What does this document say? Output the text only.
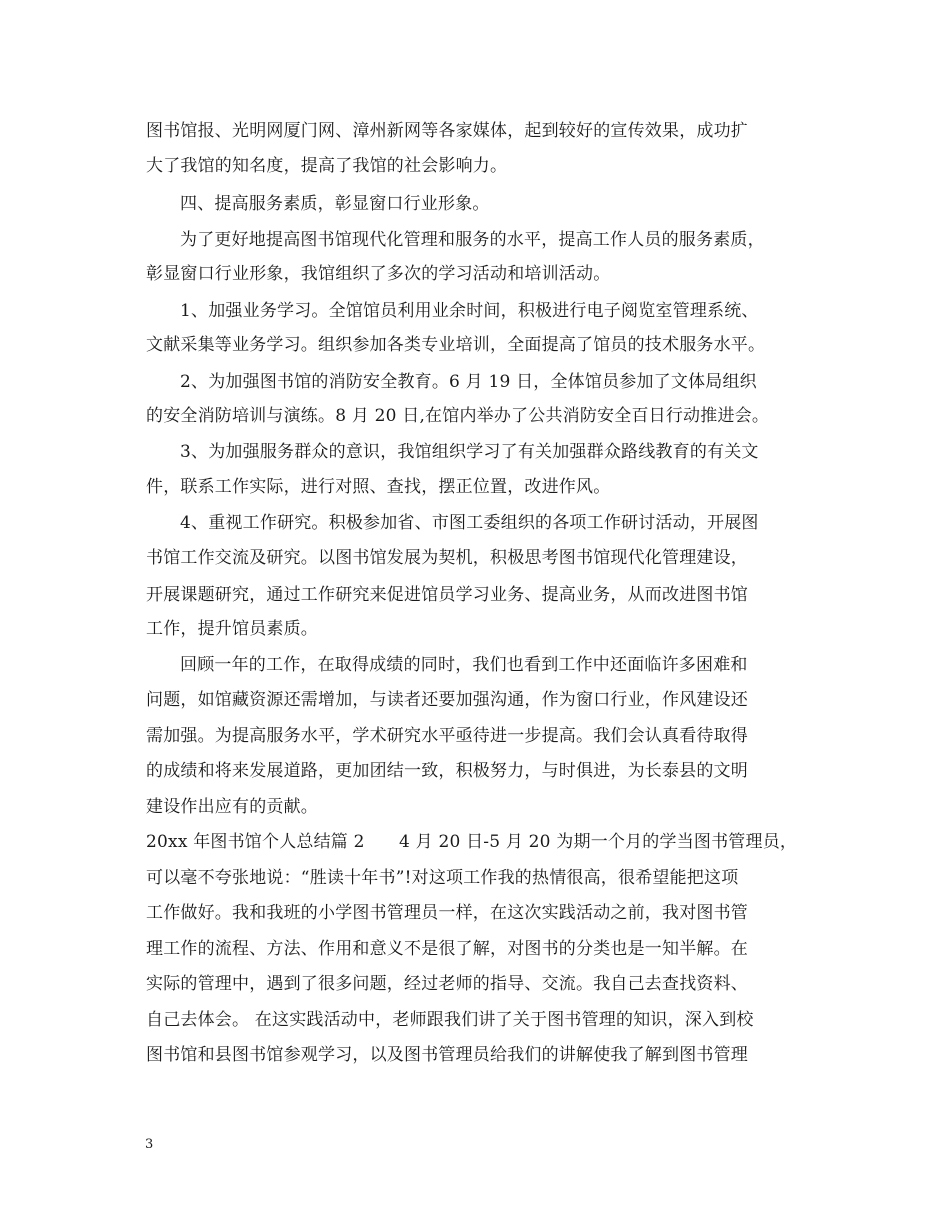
图书馆报、光明网厦门网、漳州新网等各家媒体，起到较好的宣传效果，成功扩
大了我馆的知名度，提高了我馆的社会影响力。
四、提高服务素质，彰显窗口行业形象。
为了更好地提高图书馆现代化管理和服务的水平，提高工作人员的服务素质，
彰显窗口行业形象，我馆组织了多次的学习活动和培训活动。
1、加强业务学习。全馆馆员利用业余时间，积极进行电子阅览室管理系统、
文献采集等业务学习。组织参加各类专业培训，全面提高了馆员的技术服务水平。
2、为加强图书馆的消防安全教育。6 月 19 日，全体馆员参加了文体局组织
的安全消防培训与演练。8 月 20 日,在馆内举办了公共消防安全百日行动推进会。
3、为加强服务群众的意识，我馆组织学习了有关加强群众路线教育的有关文
件，联系工作实际，进行对照、查找，摆正位置，改进作风。
4、重视工作研究。积极参加省、市图工委组织的各项工作研讨活动，开展图
书馆工作交流及研究。以图书馆发展为契机，积极思考图书馆现代化管理建设，
开展课题研究，通过工作研究来促进馆员学习业务、提高业务，从而改进图书馆
工作，提升馆员素质。
回顾一年的工作，在取得成绩的同时，我们也看到工作中还面临许多困难和
问题，如馆藏资源还需增加，与读者还要加强沟通，作为窗口行业，作风建设还
需加强。为提高服务水平，学术研究水平亟待进一步提高。我们会认真看待取得
的成绩和将来发展道路，更加团结一致，积极努力，与时俱进，为长泰县的文明
建设作出应有的贡献。
20xx 年图书馆个人总结篇 2　　4 月 20 日-5 月 20 为期一个月的学当图书管理员，
可以毫不夸张地说：“胜读十年书”!对这项工作我的热情很高，很希望能把这项
工作做好。我和我班的小学图书管理员一样，在这次实践活动之前，我对图书管
理工作的流程、方法、作用和意义不是很了解，对图书的分类也是一知半解。在
实际的管理中，遇到了很多问题，经过老师的指导、交流。我自己去查找资料、
自己去体会。 在这实践活动中，老师跟我们讲了关于图书管理的知识，深入到校
图书馆和县图书馆参观学习，以及图书管理员给我们的讲解使我了解到图书管理
3
